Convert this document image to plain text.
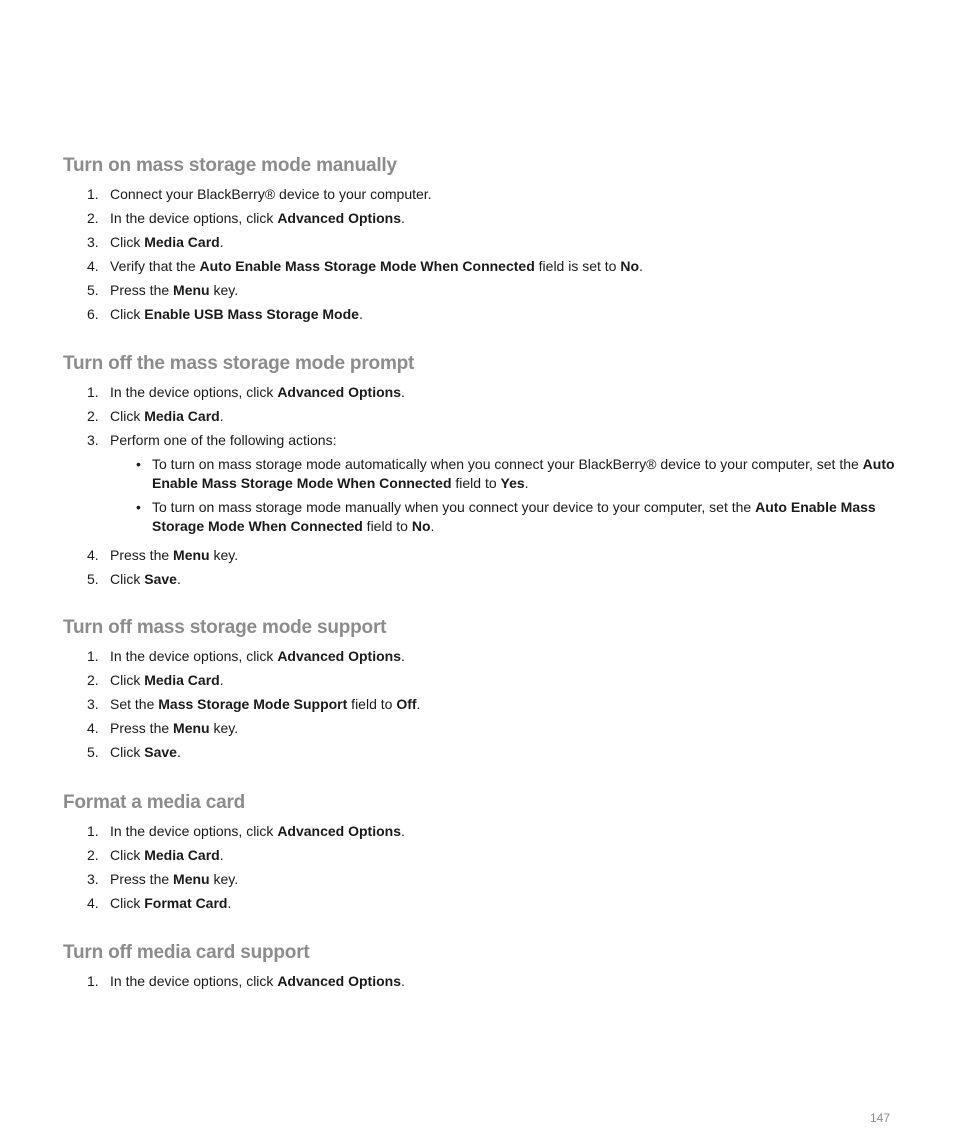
Turn on mass storage mode manually
1. Connect your BlackBerry® device to your computer.
2. In the device options, click Advanced Options.
3. Click Media Card.
4. Verify that the Auto Enable Mass Storage Mode When Connected field is set to No.
5. Press the Menu key.
6. Click Enable USB Mass Storage Mode.
Turn off the mass storage mode prompt
1. In the device options, click Advanced Options.
2. Click Media Card.
3. Perform one of the following actions:
• To turn on mass storage mode automatically when you connect your BlackBerry® device to your computer, set the Auto Enable Mass Storage Mode When Connected field to Yes.
• To turn on mass storage mode manually when you connect your device to your computer, set the Auto Enable Mass Storage Mode When Connected field to No.
4. Press the Menu key.
5. Click Save.
Turn off mass storage mode support
1. In the device options, click Advanced Options.
2. Click Media Card.
3. Set the Mass Storage Mode Support field to Off.
4. Press the Menu key.
5. Click Save.
Format a media card
1. In the device options, click Advanced Options.
2. Click Media Card.
3. Press the Menu key.
4. Click Format Card.
Turn off media card support
1. In the device options, click Advanced Options.
147
